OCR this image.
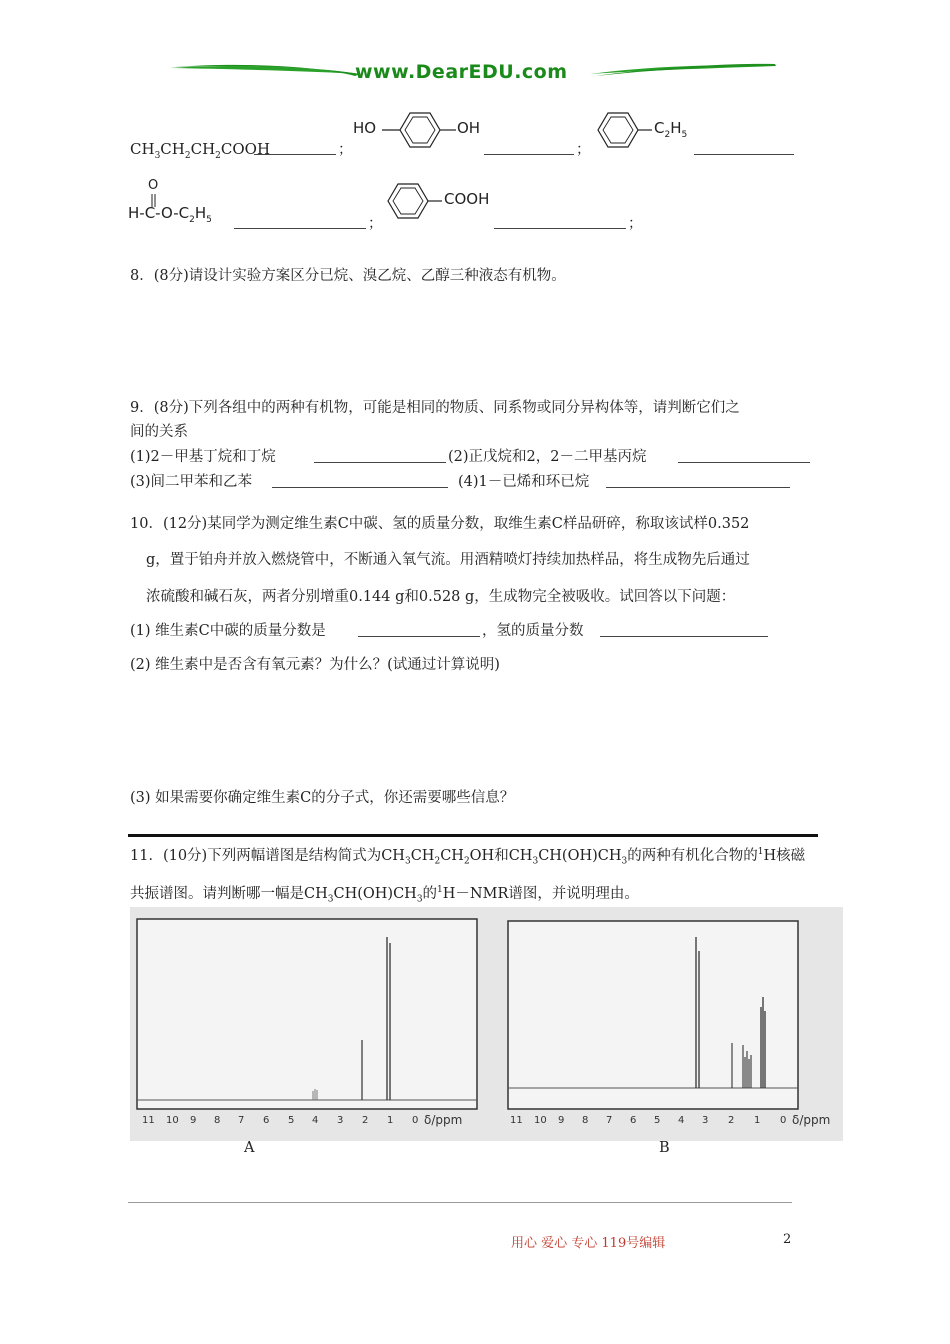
www.DearEDU.com
$CH_3CH_2CH_2COOH$	；
HO	OH
；
$C_2H_5$
O
$H-C-O-C_2H_5$	；
COOH
；
8．(8分)请设计实验方案区分已烷、溴乙烷、乙醇三种液态有机物。
9．(8分)下列各组中的两种有机物，可能是相同的物质、同系物或同分异构体等，请判断它们之
间的关系
(1)2－甲基丁烷和丁烷	(2)正戊烷和2，2－二甲基丙烷
(3)间二甲苯和乙苯	(4)1－已烯和环已烷
10．(12分)某同学为测定维生素C中碳、氢的质量分数，取维生素C样品研碎，称取该试样0.352
g，置于铂舟并放入燃烧管中，不断通入氧气流。用酒精喷灯持续加热样品，将生成物先后通过
浓硫酸和碱石灰，两者分别增重0.144 g和0.528 g，生成物完全被吸收。试回答以下问题：
(1) 维生素C中碳的质量分数是	，氢的质量分数
(2) 维生素中是否含有氧元素？为什么？(试通过计算说明)
(3) 如果需要你确定维生素C的分子式，你还需要哪些信息？
11．(10分)下列两幅谱图是结构简式为$CH_3CH_2CH_2OH$和$CH_3CH(OH)CH_3$的两种有机化合物的$^1$H核磁
共振谱图。请判断哪一幅是$CH_3CH(OH)CH_3$的$^1$H－NMR谱图，并说明理由。
11 10 9 8 7 6 5 4 3 2 1 0 δ/ppm	11 10 9 8 7 6 5 4 3 2 1 0 δ/ppm
A	B
用心 爱心 专心 119号编辑	2
